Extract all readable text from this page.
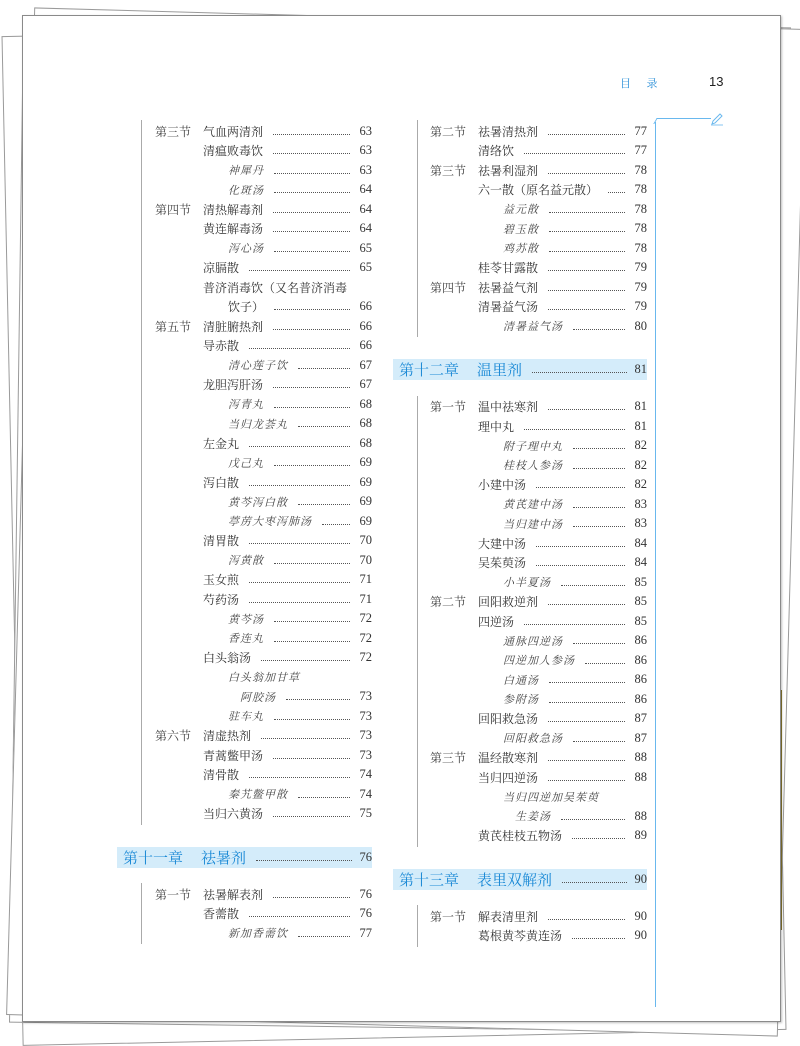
目 录	13
第三节 气血两清剂	63
清瘟败毒饮	63
神犀丹	63
化斑汤	64
第四节 清热解毒剂	64
黄连解毒汤	64
泻心汤	65
凉膈散	65
普济消毒饮（又名普济消毒
饮子）	66
第五节 清脏腑热剂	66
导赤散	66
清心莲子饮	67
龙胆泻肝汤	67
泻青丸	68
当归龙荟丸	68
左金丸	68
戊己丸	69
泻白散	69
黄芩泻白散	69
葶苈大枣泻肺汤	69
清胃散	70
泻黄散	70
玉女煎	71
芍药汤	71
黄芩汤	72
香连丸	72
白头翁汤	72
白头翁加甘草
阿胶汤	73
驻车丸	73
第六节 清虚热剂	73
青蒿鳖甲汤	73
清骨散	74
秦艽鳖甲散	74
当归六黄汤	75
第十一章 祛暑剂	76
第一节 祛暑解表剂	76
香薷散	76
新加香薷饮	77
第二节 祛暑清热剂	77
清络饮	77
第三节 祛暑利湿剂	78
六一散（原名益元散）	78
益元散	78
碧玉散	78
鸡苏散	78
桂苓甘露散	79
第四节 祛暑益气剂	79
清暑益气汤	79
清暑益气汤	80
第十二章 温里剂	81
第一节 温中祛寒剂	81
理中丸	81
附子理中丸	82
桂枝人参汤	82
小建中汤	82
黄芪建中汤	83
当归建中汤	83
大建中汤	84
吴茱萸汤	84
小半夏汤	85
第二节 回阳救逆剂	85
四逆汤	85
通脉四逆汤	86
四逆加人参汤	86
白通汤	86
参附汤	86
回阳救急汤	87
回阳救急汤	87
第三节 温经散寒剂	88
当归四逆汤	88
当归四逆加吴茱萸
生姜汤	88
黄芪桂枝五物汤	89
第十三章 表里双解剂	90
第一节 解表清里剂	90
葛根黄芩黄连汤	90
